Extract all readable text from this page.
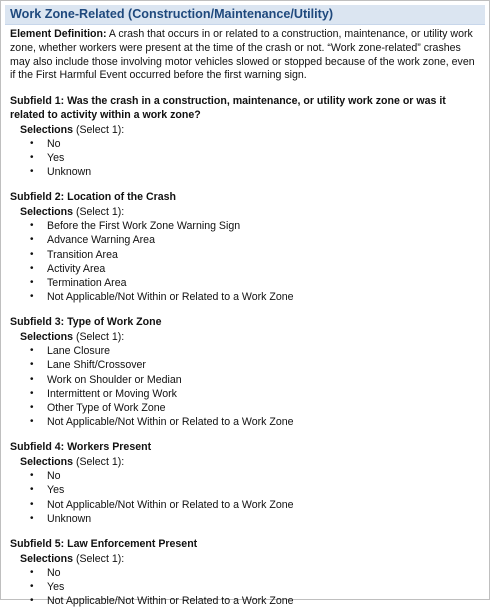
Work Zone-Related (Construction/Maintenance/Utility)
Element Definition: A crash that occurs in or related to a construction, maintenance, or utility work zone, whether workers were present at the time of the crash or not. “Work zone-related” crashes may also include those involving motor vehicles slowed or stopped because of the work zone, even if the First Harmful Event occurred before the first warning sign.
Subfield 1: Was the crash in a construction, maintenance, or utility work zone or was it related to activity within a work zone?
Selections (Select 1):
• No
• Yes
• Unknown
Subfield 2: Location of the Crash
Selections (Select 1):
• Before the First Work Zone Warning Sign
• Advance Warning Area
• Transition Area
• Activity Area
• Termination Area
• Not Applicable/Not Within or Related to a Work Zone
Subfield 3: Type of Work Zone
Selections (Select 1):
• Lane Closure
• Lane Shift/Crossover
• Work on Shoulder or Median
• Intermittent or Moving Work
• Other Type of Work Zone
• Not Applicable/Not Within or Related to a Work Zone
Subfield 4: Workers Present
Selections (Select 1):
• No
• Yes
• Not Applicable/Not Within or Related to a Work Zone
• Unknown
Subfield 5: Law Enforcement Present
Selections (Select 1):
• No
• Yes
• Not Applicable/Not Within or Related to a Work Zone
